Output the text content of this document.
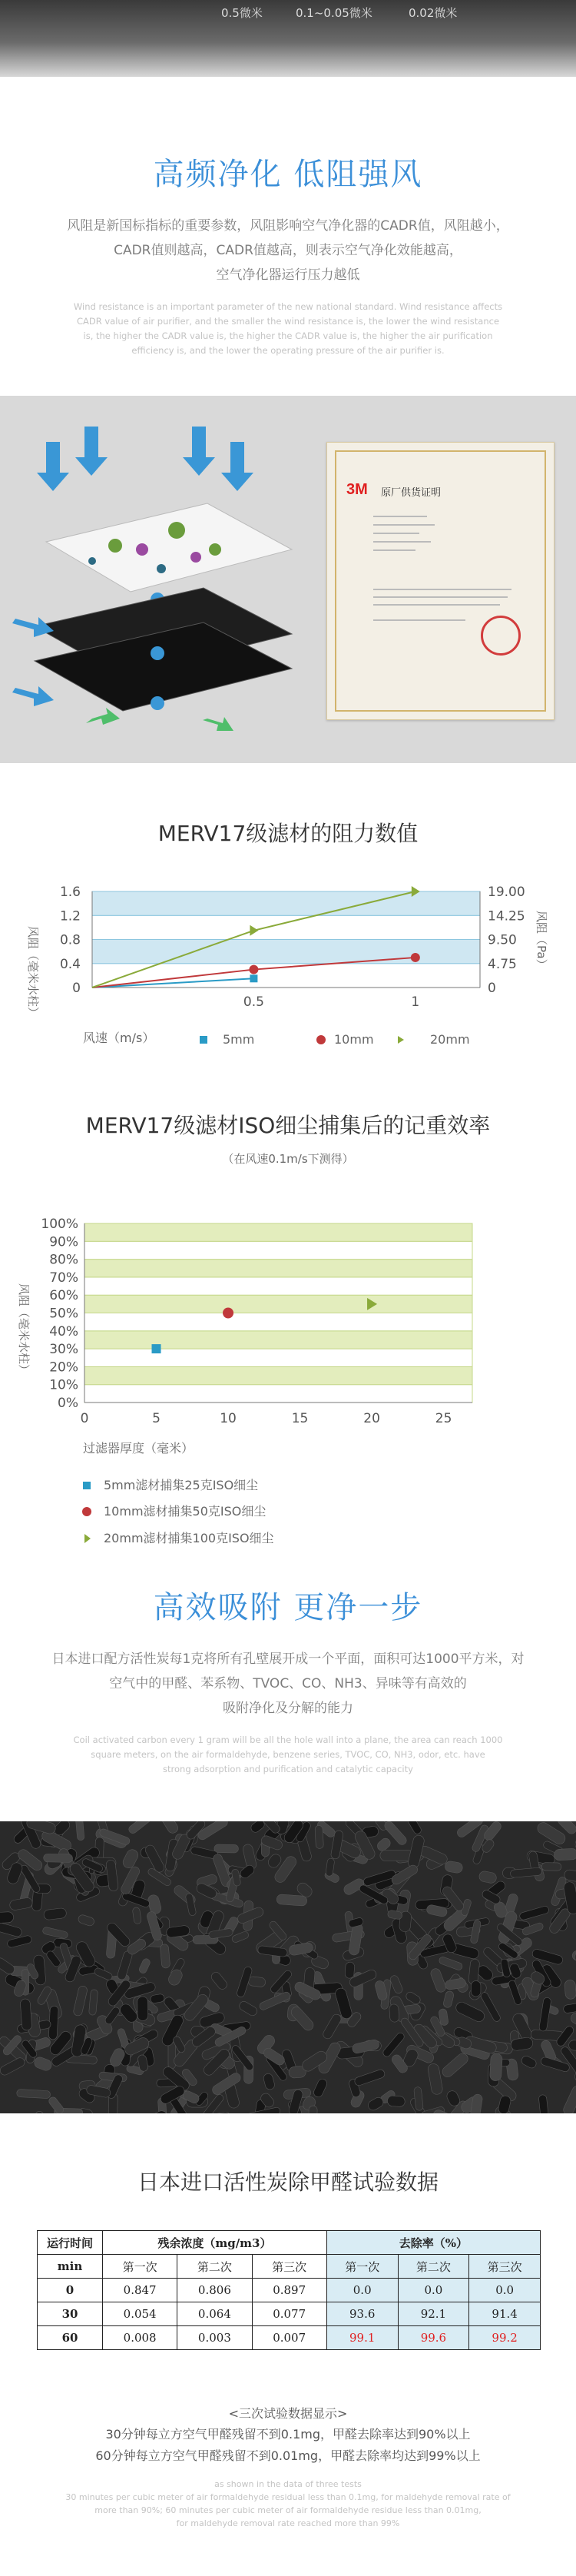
0.5微米	0.1~0.05微米	0.02微米
高频净化 低阻强风
风阻是新国标指标的重要参数，风阻影响空气净化器的CADR值，风阻越小，
CADR值则越高，CADR值越高，则表示空气净化效能越高，
空气净化器运行压力越低
Wind resistance is an important parameter of the new national standard. Wind resistance affects
CADR value of air purifier, and the smaller the wind resistance is, the lower the wind resistance
is, the higher the CADR value is, the higher the CADR value is, the higher the air purification
efficiency is, and the lower the operating pressure of the air purifier is.
3M 原厂供货证明
MERV17级滤材的阻力数值
风阻（毫米水柱）	风阻（Pa）
风速（m/s）	5mm	10mm	20mm
0
0.4
0.8
1.2
1.6
0
4.75
9.50
14.25
19.00
0.5	1
MERV17级滤材ISO细尘捕集后的记重效率
（在风速0.1m/s下测得）
风阻（毫米水柱）
过滤器厚度（毫米）
5mm滤材捕集25克ISO细尘
10mm滤材捕集50克ISO细尘
20mm滤材捕集100克ISO细尘
0%
10%
20%
30%
40%
50%
60%
70%
80%
90%
100%
0	5	10	15	20	25
高效吸附 更净一步
日本进口配方活性炭每1克将所有孔壁展开成一个平面，面积可达1000平方米，对
空气中的甲醛、苯系物、TVOC、CO、NH3、异味等有高效的
吸附净化及分解的能力
Coil activated carbon every 1 gram will be all the hole wall into a plane, the area can reach 1000
square meters, on the air formaldehyde, benzene series, TVOC, CO, NH3, odor, etc. have
strong adsorption and purification and catalytic capacity
日本进口活性炭除甲醛试验数据
运行时间	残余浓度（mg/m3）			去除率（%）		
min	第一次	第二次	第三次	第一次	第二次	第三次
0	0.847	0.806	0.897	0.0	0.0	0.0
30	0.054	0.064	0.077	93.6	92.1	91.4
60	0.008	0.003	0.007	99.1	99.6	99.2
<三次试验数据显示>
30分钟每立方空气甲醛残留不到0.1mg，甲醛去除率达到90%以上
60分钟每立方空气甲醛残留不到0.01mg，甲醛去除率均达到99%以上
as shown in the data of three tests
30 minutes per cubic meter of air formaldehyde residual less than 0.1mg, for maldehyde removal rate of
more than 90%; 60 minutes per cubic meter of air formaldehyde residue less than 0.01mg,
for maldehyde removal rate reached more than 99%
